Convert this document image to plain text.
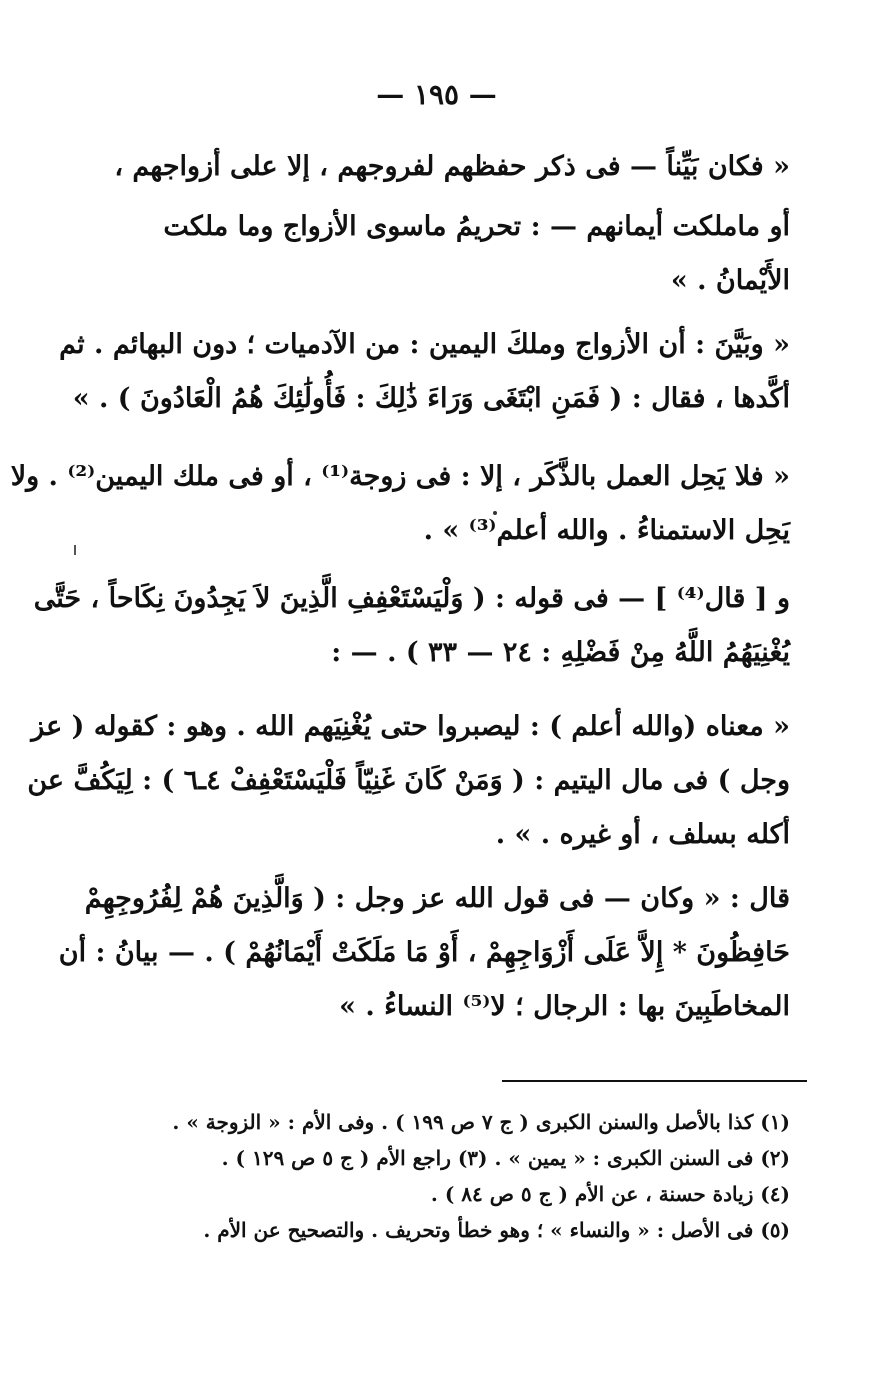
— ١٩٥ —
« فكان بَيِّناً — فى ذكر حفظهم لفروجهم ، إلا على أزواجهم ،
أو ماملكت أيمانهم — : تحريمُ ماسوى الأزواج وما ملكت
الأَيْمانُ . »
« وبَيَّنَ : أن الأزواج وملكَ اليمين : من الآدميات ؛ دون البهائم . ثم
أكَّدها ، فقال : ( فَمَنِ ابْتَغَى وَرَاءَ ذَٰلِكَ : فَأُولَٰئِكَ هُمُ الْعَادُونَ ) . »
« فلا يَحِل العمل بالذَّكَر ، إلا : فى زوجة⁽¹⁾ ، أو فى ملك اليمين⁽²⁾ . ولا
يَحِل الاستمناءُ . والله أعلم⁽³⁾ » .
و [ قال⁽⁴⁾ ] — فى قوله : ( وَلْيَسْتَعْفِفِ الَّذِينَ لاَ يَجِدُونَ نِكَاحاً ، حَتَّى
يُغْنِيَهُمُ اللَّهُ مِنْ فَضْلِهِ : ٢٤ — ٣٣ ) . — :
« معناه (والله أعلم ) : ليصبروا حتى يُغْنِيَهم الله . وهو : كقوله ( عز
وجل ) فى مال اليتيم : ( وَمَنْ كَانَ غَنِيّاً فَلْيَسْتَعْفِفْ ٤ـ٦ ) : لِيَكُفَّ عن
أكله بسلف ، أو غيره . » .
قال : « وكان — فى قول الله عز وجل : ( وَالَّذِينَ هُمْ لِفُرُوجِهِمْ
حَافِظُونَ * إِلاَّ عَلَى أَزْوَاجِهِمْ ، أَوْ مَا مَلَكَتْ أَيْمَانُهُمْ ) . — بيانُ : أن
المخاطَبِينَ بها : الرجال ؛ لا⁽⁵⁾ النساءُ . »
(١) كذا بالأصل والسنن الكبرى ( ج ٧ ص ١٩٩ ) . وفى الأم : « الزوجة » .
(٢) فى السنن الكبرى : « يمين » . (٣) راجع الأم ( ج ٥ ص ١٢٩ ) .
(٤) زيادة حسنة ، عن الأم ( ج ٥ ص ٨٤ ) .
(٥) فى الأصل : « والنساء » ؛ وهو خطأ وتحريف . والتصحيح عن الأم .
